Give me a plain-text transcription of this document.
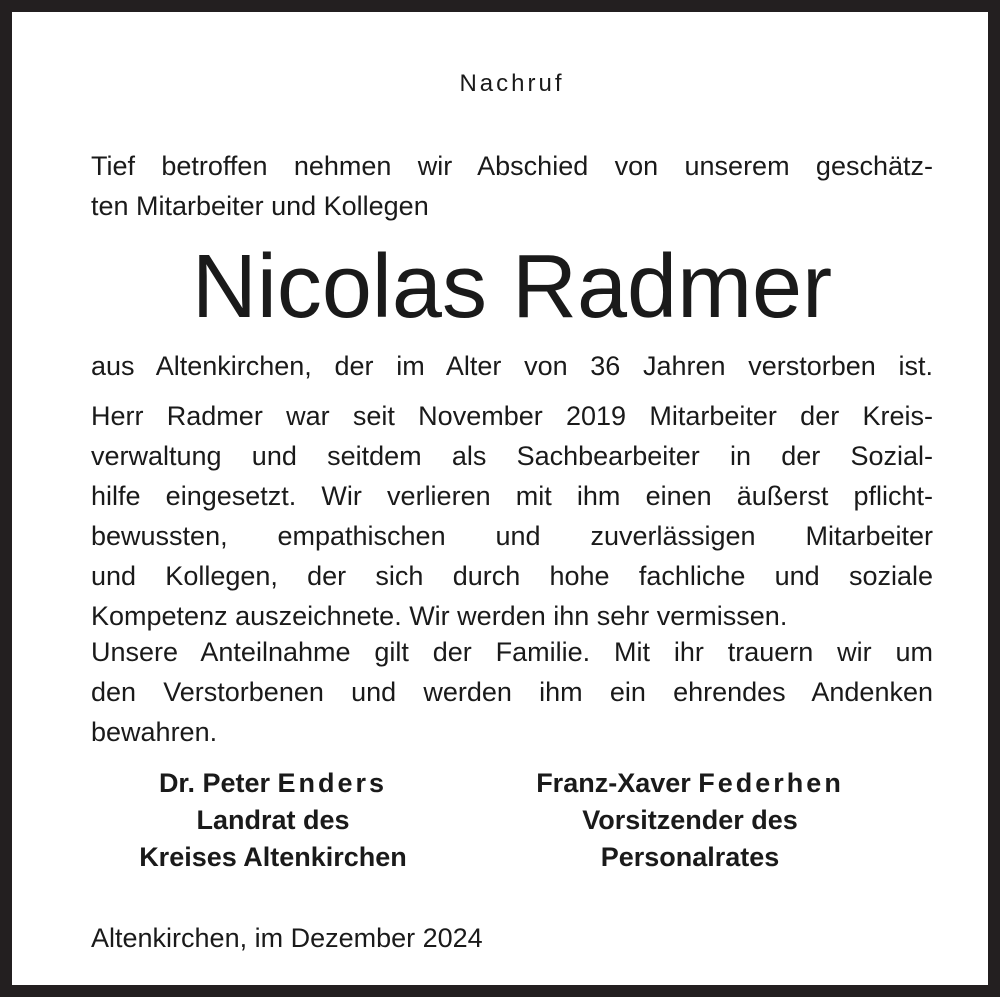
Nachruf
Tief betroffen nehmen wir Abschied von unserem geschätz-
ten Mitarbeiter und Kollegen
Nicolas Radmer
aus Altenkirchen, der im Alter von 36 Jahren verstorben ist.
Herr Radmer war seit November 2019 Mitarbeiter der Kreis-
verwaltung und seitdem als Sachbearbeiter in der Sozial-
hilfe eingesetzt. Wir verlieren mit ihm einen äußerst pflicht-
bewussten, empathischen und zuverlässigen Mitarbeiter
und Kollegen, der sich durch hohe fachliche und soziale
Kompetenz auszeichnete. Wir werden ihn sehr vermissen.
Unsere Anteilnahme gilt der Familie. Mit ihr trauern wir um
den Verstorbenen und werden ihm ein ehrendes Andenken
bewahren.
Dr. Peter Enders
Landrat des
Kreises Altenkirchen
Franz-Xaver Federhen
Vorsitzender des
Personalrates
Altenkirchen, im Dezember 2024
